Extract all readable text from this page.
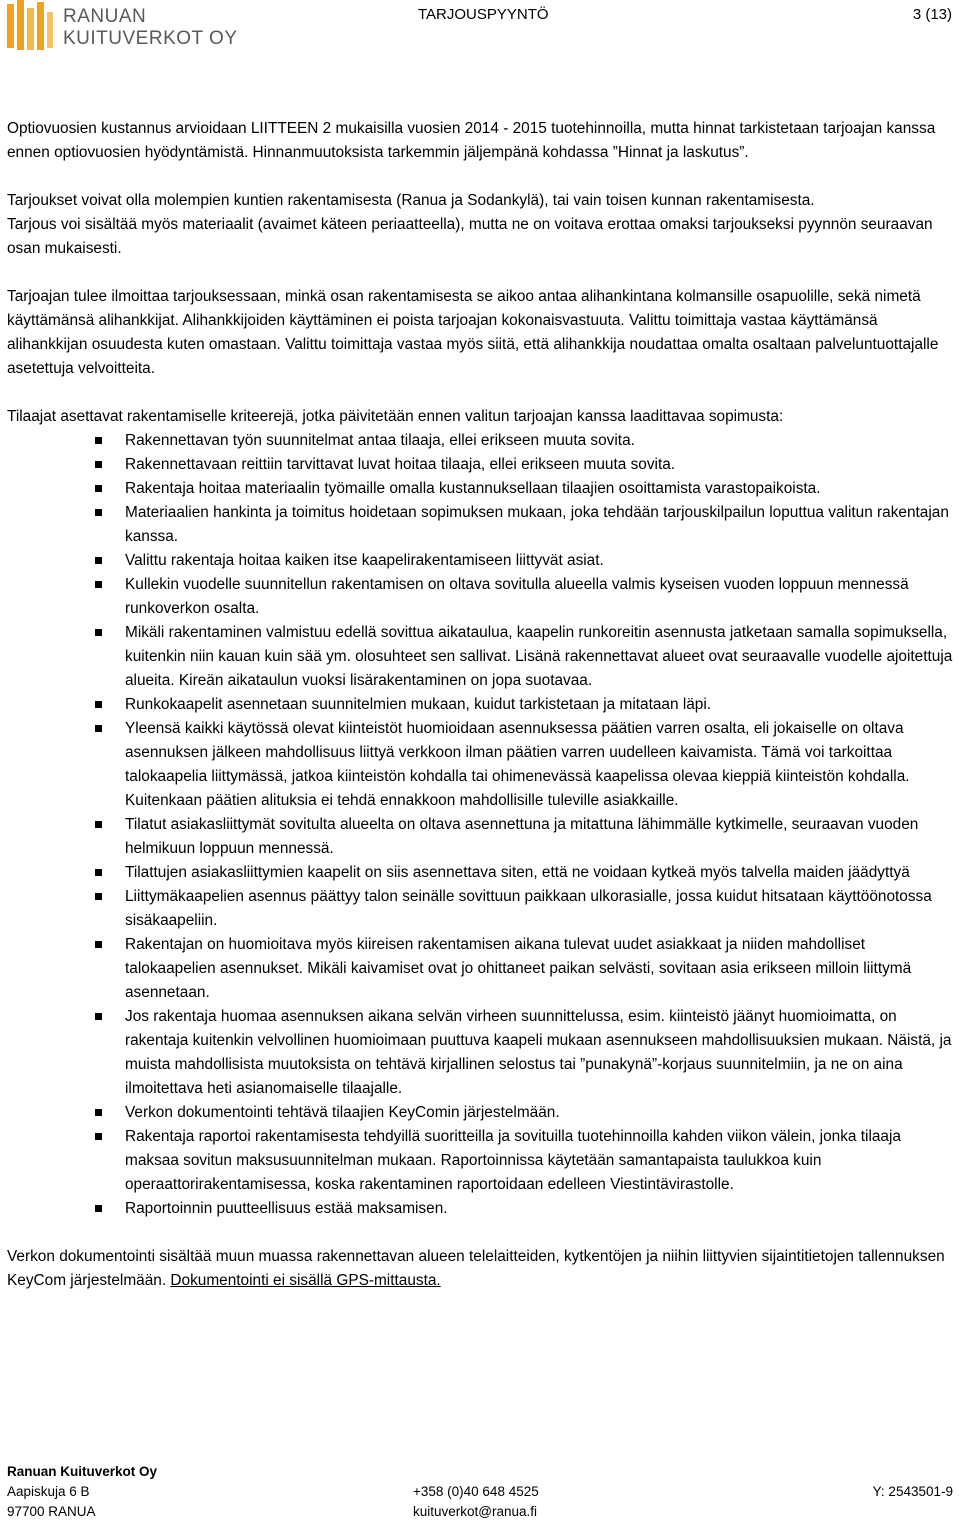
RANUAN
KUITUVERKOT OY
TARJOUSPYYNTÖ	3 (13)

Optiovuosien kustannus arvioidaan LIITTEEN 2 mukaisilla vuosien 2014 - 2015 tuotehinnoilla, mutta hinnat tarkistetaan tarjoajan kanssa ennen optiovuosien hyödyntämistä. Hinnanmuutoksista tarkemmin jäljempänä kohdassa ”Hinnat ja laskutus”.

Tarjoukset voivat olla molempien kuntien rakentamisesta (Ranua ja Sodankylä), tai vain toisen kunnan rakentamisesta.

Tarjous voi sisältää myös materiaalit (avaimet käteen periaatteella), mutta ne on voitava erottaa omaksi tarjoukseksi pyynnön seuraavan osan mukaisesti.

Tarjoajan tulee ilmoittaa tarjouksessaan, minkä osan rakentamisesta se aikoo antaa alihankintana kolmansille osapuolille, sekä nimetä käyttämänsä alihankkijat. Alihankkijoiden käyttäminen ei poista tarjoajan kokonaisvastuuta. Valittu toimittaja vastaa käyttämänsä alihankkijan osuudesta kuten omastaan. Valittu toimittaja vastaa myös siitä, että alihankkija noudattaa omalta osaltaan palveluntuottajalle asetettuja velvoitteita.

Tilaajat asettavat rakentamiselle kriteerejä, jotka päivitetään ennen valitun tarjoajan kanssa laadittavaa sopimusta:

Rakennettavan työn suunnitelmat antaa tilaaja, ellei erikseen muuta sovita.
Rakennettavaan reittiin tarvittavat luvat hoitaa tilaaja, ellei erikseen muuta sovita.
Rakentaja hoitaa materiaalin työmaille omalla kustannuksellaan tilaajien osoittamista varastopaikoista.
Materiaalien hankinta ja toimitus hoidetaan sopimuksen mukaan, joka tehdään tarjouskilpailun loputtua valitun rakentajan kanssa.
Valittu rakentaja hoitaa kaiken itse kaapelirakentamiseen liittyvät asiat.
Kullekin vuodelle suunnitellun rakentamisen on oltava sovitulla alueella valmis kyseisen vuoden loppuun mennessä runkoverkon osalta.
Mikäli rakentaminen valmistuu edellä sovittua aikataulua, kaapelin runkoreitin asennusta jatketaan samalla sopimuksella, kuitenkin niin kauan kuin sää ym. olosuhteet sen sallivat. Lisänä rakennettavat alueet ovat seuraavalle vuodelle ajoitettuja alueita. Kireän aikataulun vuoksi lisärakentaminen on jopa suotavaa.
Runkokaapelit asennetaan suunnitelmien mukaan, kuidut tarkistetaan ja mitataan läpi.
Yleensä kaikki käytössä olevat kiinteistöt huomioidaan asennuksessa päätien varren osalta, eli jokaiselle on oltava asennuksen jälkeen mahdollisuus liittyä verkkoon ilman päätien varren uudelleen kaivamista. Tämä voi tarkoittaa talokaapelia liittymässä, jatkoa kiinteistön kohdalla tai ohimenevässä kaapelissa olevaa kieppiä kiinteistön kohdalla. Kuitenkaan päätien alituksia ei tehdä ennakkoon mahdollisille tuleville asiakkaille.
Tilatut asiakasliittymät sovitulta alueelta on oltava asennettuna ja mitattuna lähimmälle kytkimelle, seuraavan vuoden helmikuun loppuun mennessä.
Tilattujen asiakasliittymien kaapelit on siis asennettava siten, että ne voidaan kytkeä myös talvella maiden jäädyttyä
Liittymäkaapelien asennus päättyy talon seinälle sovittuun paikkaan ulkorasialle, jossa kuidut hitsataan käyttöönotossa sisäkaapeliin.
Rakentajan on huomioitava myös kiireisen rakentamisen aikana tulevat uudet asiakkaat ja niiden mahdolliset talokaapelien asennukset. Mikäli kaivamiset ovat jo ohittaneet paikan selvästi, sovitaan asia erikseen milloin liittymä asennetaan.
Jos rakentaja huomaa asennuksen aikana selvän virheen suunnittelussa, esim. kiinteistö jäänyt huomioimatta, on rakentaja kuitenkin velvollinen huomioimaan puuttuva kaapeli mukaan asennukseen mahdollisuuksien mukaan. Näistä, ja muista mahdollisista muutoksista on tehtävä kirjallinen selostus tai ”punakynä”-korjaus suunnitelmiin, ja ne on aina ilmoitettava heti asianomaiselle tilaajalle.
Verkon dokumentointi tehtävä tilaajien KeyComin järjestelmään.
Rakentaja raportoi rakentamisesta tehdyillä suoritteilla ja sovituilla tuotehinnoilla kahden viikon välein, jonka tilaaja maksaa sovitun maksusuunnitelman mukaan. Raportoinnissa käytetään samantapaista taulukkoa kuin operaattorirakentamisessa, koska rakentaminen raportoidaan edelleen Viestintävirastolle.
Raportoinnin puutteellisuus estää maksamisen.

Verkon dokumentointi sisältää muun muassa rakennettavan alueen telelaitteiden, kytkentöjen ja niihin liittyvien sijaintitietojen tallennuksen KeyCom järjestelmään. Dokumentointi ei sisällä GPS-mittausta.

Ranuan Kuituverkot Oy
Aapiskuja 6 B
97700 RANUA
+358 (0)40 648 4525
kuituverkot@ranua.fi
Y: 2543501-9
